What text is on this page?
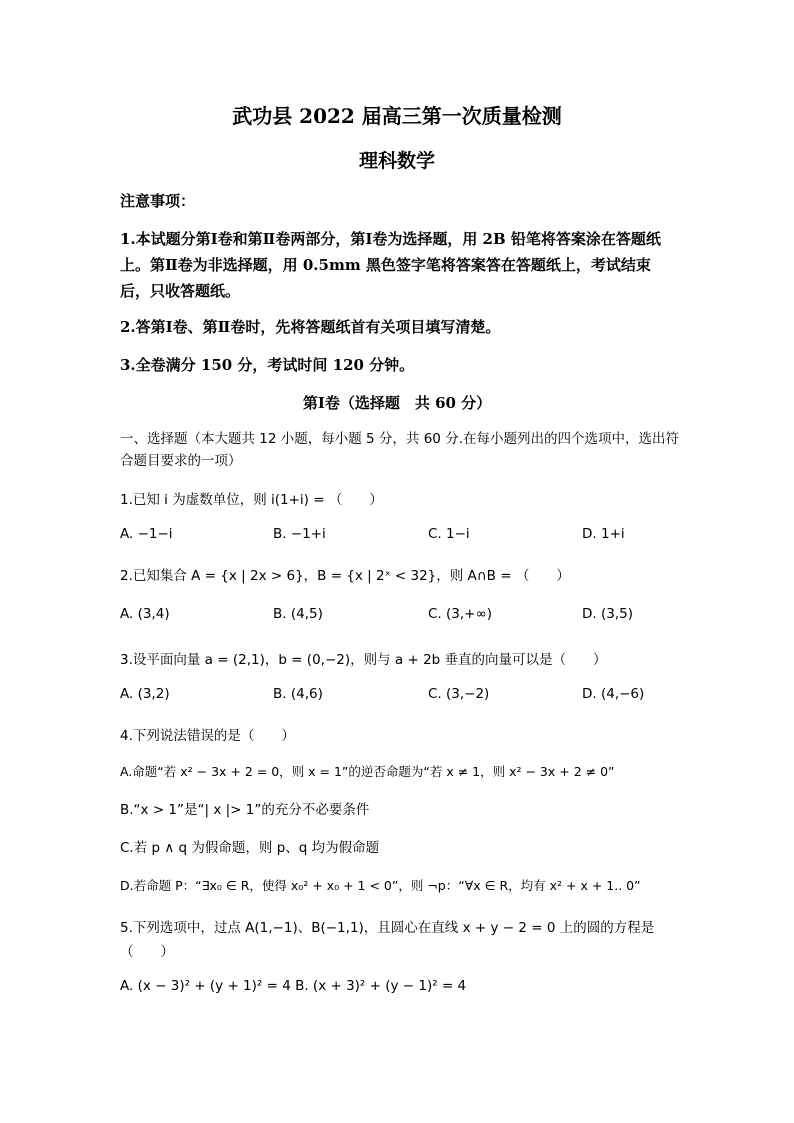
武功县 2022 届高三第一次质量检测
理科数学
注意事项：
1.本试题分第Ⅰ卷和第Ⅱ卷两部分，第Ⅰ卷为选择题，用 2B 铅笔将答案涂在答题纸上。第Ⅱ卷为非选择题，用 0.5mm 黑色签字笔将答案答在答题纸上，考试结束后，只收答题纸。
2.答第Ⅰ卷、第Ⅱ卷时，先将答题纸首有关项目填写清楚。
3.全卷满分 150 分，考试时间 120 分钟。
第Ⅰ卷（选择题　共 60 分）
一、选择题（本大题共 12 小题，每小题 5 分，共 60 分.在每小题列出的四个选项中，选出符合题目要求的一项）
1.已知 i 为虚数单位，则 i(1+i) = （　　）
A. −1−i	B. −1+i	C. 1−i	D. 1+i
2.已知集合 A = {x | 2x > 6}，B = {x | 2ˣ < 32}，则 A∩B = （　　）
A. (3,4)	B. (4,5)	C. (3,+∞)	D. (3,5)
3.设平面向量 a = (2,1)，b = (0,−2)，则与 a + 2b 垂直的向量可以是（　　）
A. (3,2)	B. (4,6)	C. (3,−2)	D. (4,−6)
4.下列说法错误的是（　　）
A.命题“若 x² − 3x + 2 = 0，则 x = 1”的逆否命题为“若 x ≠ 1，则 x² − 3x + 2 ≠ 0”
B.“x > 1”是“| x |> 1”的充分不必要条件
C.若 p ∧ q 为假命题，则 p、q 均为假命题
D.若命题 P：“∃x₀ ∈ R，使得 x₀² + x₀ + 1 < 0”，则 ¬p：“∀x ∈ R，均有 x² + x + 1.. 0”
5.下列选项中，过点 A(1,−1)、B(−1,1)，且圆心在直线 x + y − 2 = 0 上的圆的方程是（　　）
A. (x − 3)² + (y + 1)² = 4 B. (x + 3)² + (y − 1)² = 4
